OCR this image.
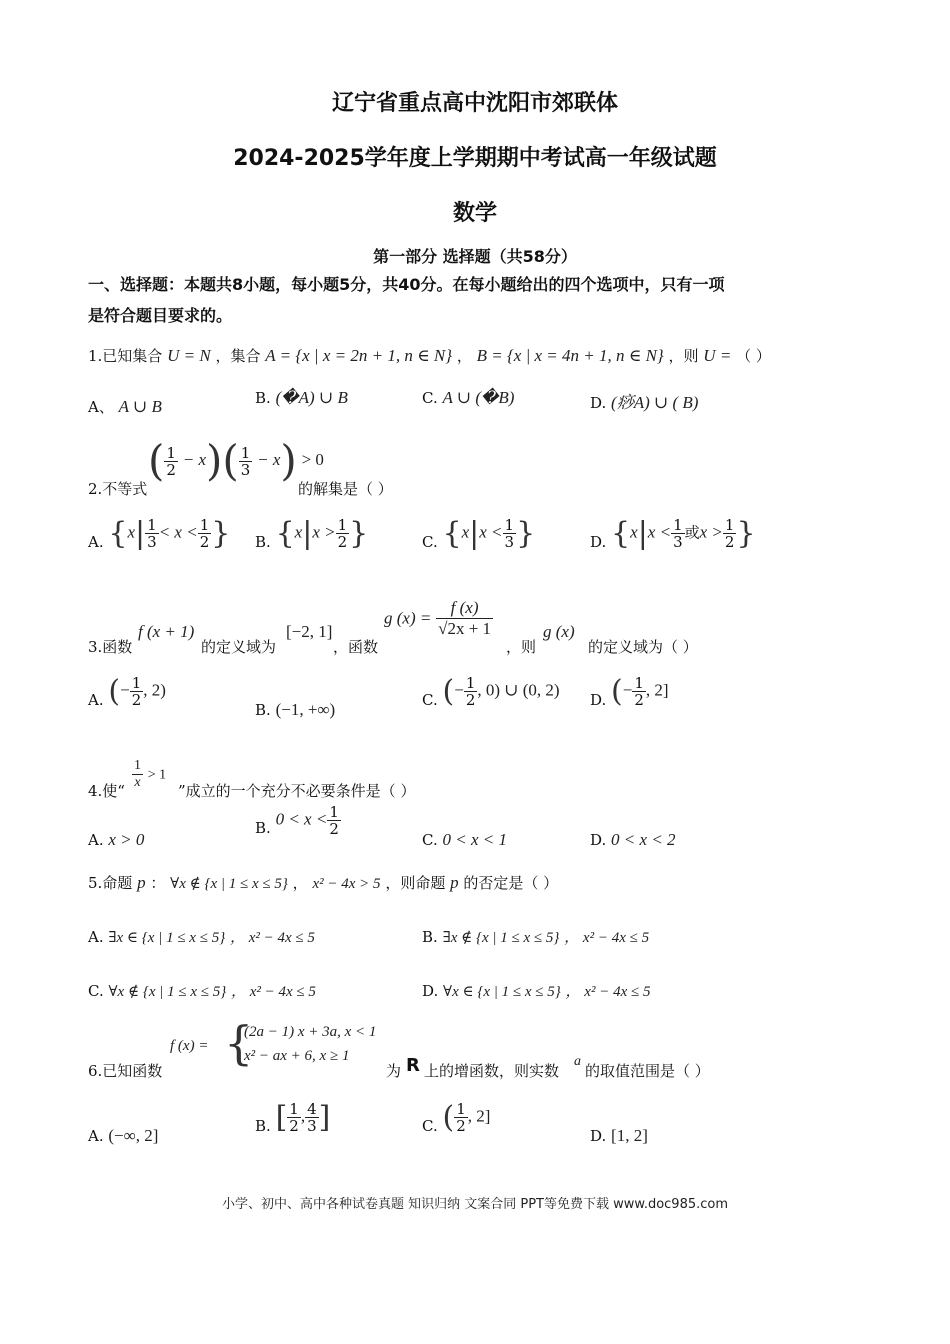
辽宁省重点高中沈阳市郊联体
2024-2025学年度上学期期中考试高一年级试题
数学
第一部分 选择题（共58分）
一、选择题：本题共8小题，每小题5分，共40分。在每小题给出的四个选项中，只有一项
是符合题目要求的。
1.已知集合 U = N ，集合 A = {x | x = 2n + 1, n ∈ N} ， B = {x | x = 4n + 1, n ∈ N} ，则 U = （ ）
A、 A ∪ B	B. (�A) ∪ B	C. A ∪ (�B)	D. (痧A) ∪ ( B)
2.不等式
( $\frac{1}{2} - x)( \frac{1}{3} - x) > 0$
的解集是（ ）
A. {$x| \frac{1}{3} < x < \frac{1}{2}$ } B. {$x|x > \frac{1}{2}$ }	C. {$x|x < \frac{1}{3}$ }	D. {$x|x < \frac{1}{3}$ 或$x > \frac{1}{2}$ }
3.函数
f (x + 1)
的定义域为
[−2, 1]
，函数
g $(x) = \frac{f (x)}{√2x + 1}$
，则
g (x)
的定义域为（ ）
A. (− $\frac{1}{2}$ , 2)
B. (−1, +∞)	C. (− $\frac{1}{2}$ , 0) ∪ (0, 2)
D. (− $\frac{1}{2}$ , 2]
4.使“ $\frac{1}{x} > 1$
”成立的一个充分不必要条件是（ ）
A. x > 0
B. $0 < x < \frac{1}{2}$
C. 0 < x < 1	D. 0 < x < 2
5.命题 p ： ∀x ∉ {x | 1 ≤ x ≤ 5} ， x² − 4x > 5 ，则命题 p 的否定是（ ）
A. ∃x ∈ {x | 1 ≤ x ≤ 5} ， x² − 4x ≤ 5	B. ∃x ∉ {x | 1 ≤ x ≤ 5} ， x² − 4x ≤ 5
C. ∀x ∉ {x | 1 ≤ x ≤ 5} ， x² − 4x ≤ 5	D. ∀x ∈ {x | 1 ≤ x ≤ 5} ， x² − 4x ≤ 5
6.已知函数
f (x) = {
(2a − 1) x + 3a, x < 1
x² − ax + 6, x ≥ 1
为 R 上的增函数，则实数
a
的取值范围是（ ）
A. (−∞, 2]	B. [ $\frac{1}{2}$ , $\frac{4}{3}$ ]	C. ( $\frac{1}{2}$ , 2]
D. [1, 2]
小学、初中、高中各种试卷真题 知识归纳 文案合同 PPT等免费下载 www.doc985.com
